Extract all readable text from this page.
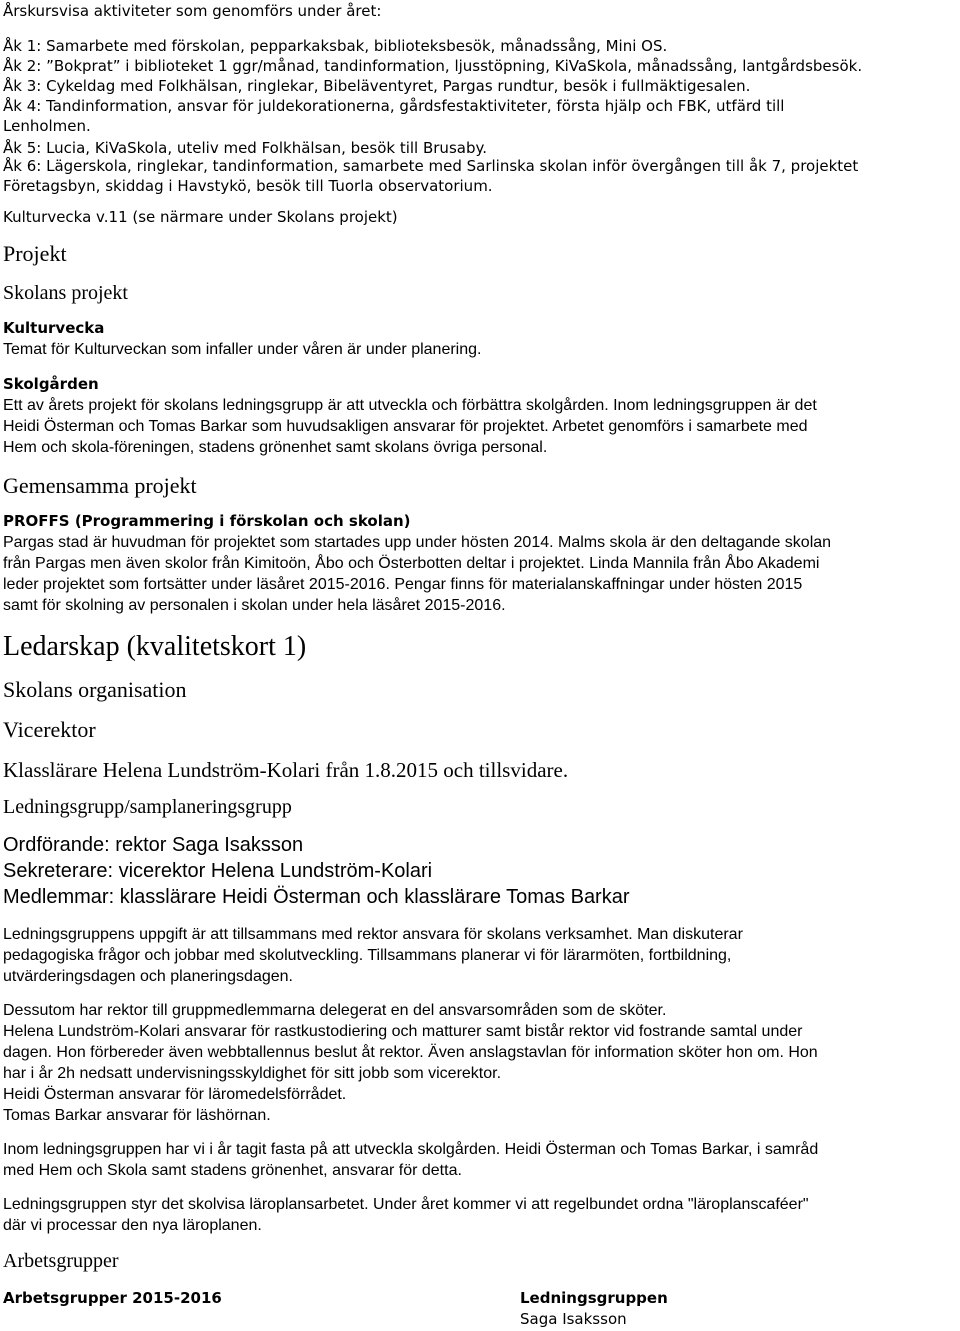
Årskursvisa aktiviteter som genomförs under året:
Åk 1: Samarbete med förskolan, pepparkaksbak, biblioteksbesök, månadssång, Mini OS.
Åk 2: ”Bokprat” i biblioteket 1 ggr/månad, tandinformation, ljusstöpning, KiVaSkola, månadssång, lantgårdsbesök.
Åk 3: Cykeldag med Folkhälsan, ringlekar, Bibeläventyret, Pargas rundtur, besök i fullmäktigesalen.
Åk 4: Tandinformation, ansvar för juldekorationerna, gårdsfestaktiviteter, första hjälp och FBK, utfärd till
Lenholmen.
Åk 5: Lucia, KiVaSkola, uteliv med Folkhälsan, besök till Brusaby.
Åk 6: Lägerskola, ringlekar, tandinformation, samarbete med Sarlinska skolan inför övergången till åk 7, projektet
Företagsbyn, skiddag i Havstykö, besök till Tuorla observatorium.
Kulturvecka v.11 (se närmare under Skolans projekt)
Projekt
Skolans projekt
Kulturvecka
Temat för Kulturveckan som infaller under våren är under planering.
Skolgården
Ett av årets projekt för skolans ledningsgrupp är att utveckla och förbättra skolgården. Inom ledningsgruppen är det
Heidi Österman och Tomas Barkar som huvudsakligen ansvarar för projektet. Arbetet genomförs i samarbete med
Hem och skola-föreningen, stadens grönenhet samt skolans övriga personal.
Gemensamma projekt
PROFFS (Programmering i förskolan och skolan)
Pargas stad är huvudman för projektet som startades upp under hösten 2014. Malms skola är den deltagande skolan
från Pargas men även skolor från Kimitoön, Åbo och Österbotten deltar i projektet. Linda Mannila från Åbo Akademi
leder projektet som fortsätter under läsåret 2015-2016. Pengar finns för materialanskaffningar under hösten 2015
samt för skolning av personalen i skolan under hela läsåret 2015-2016.
Ledarskap (kvalitetskort 1)
Skolans organisation
Vicerektor
Klasslärare Helena Lundström-Kolari från 1.8.2015 och tillsvidare.
Ledningsgrupp/samplaneringsgrupp
Ordförande: rektor Saga Isaksson
Sekreterare: vicerektor Helena Lundström-Kolari
Medlemmar: klasslärare Heidi Österman och klasslärare Tomas Barkar
Ledningsgruppens uppgift är att tillsammans med rektor ansvara för skolans verksamhet. Man diskuterar
pedagogiska frågor och jobbar med skolutveckling. Tillsammans planerar vi för lärarmöten, fortbildning,
utvärderingsdagen och planeringsdagen.
Dessutom har rektor till gruppmedlemmarna delegerat en del ansvarsområden som de sköter.
Helena Lundström-Kolari ansvarar för rastkustodiering och matturer samt bistår rektor vid fostrande samtal under
dagen. Hon förbereder även webbtallennus beslut åt rektor. Även anslagstavlan för information sköter hon om. Hon
har i år 2h nedsatt undervisningsskyldighet för sitt jobb som vicerektor.
Heidi Österman ansvarar för läromedelsförrådet.
Tomas Barkar ansvarar för läshörnan.
Inom ledningsgruppen har vi i år tagit fasta på att utveckla skolgården. Heidi Österman och Tomas Barkar, i samråd
med Hem och Skola samt stadens grönenhet, ansvarar för detta.
Ledningsgruppen styr det skolvisa läroplansarbetet. Under året kommer vi att regelbundet ordna "läroplanscaféer"
där vi processar den nya läroplanen.
Arbetsgrupper
Arbetsgrupper 2015-2016	Ledningsgruppen
Saga Isaksson
